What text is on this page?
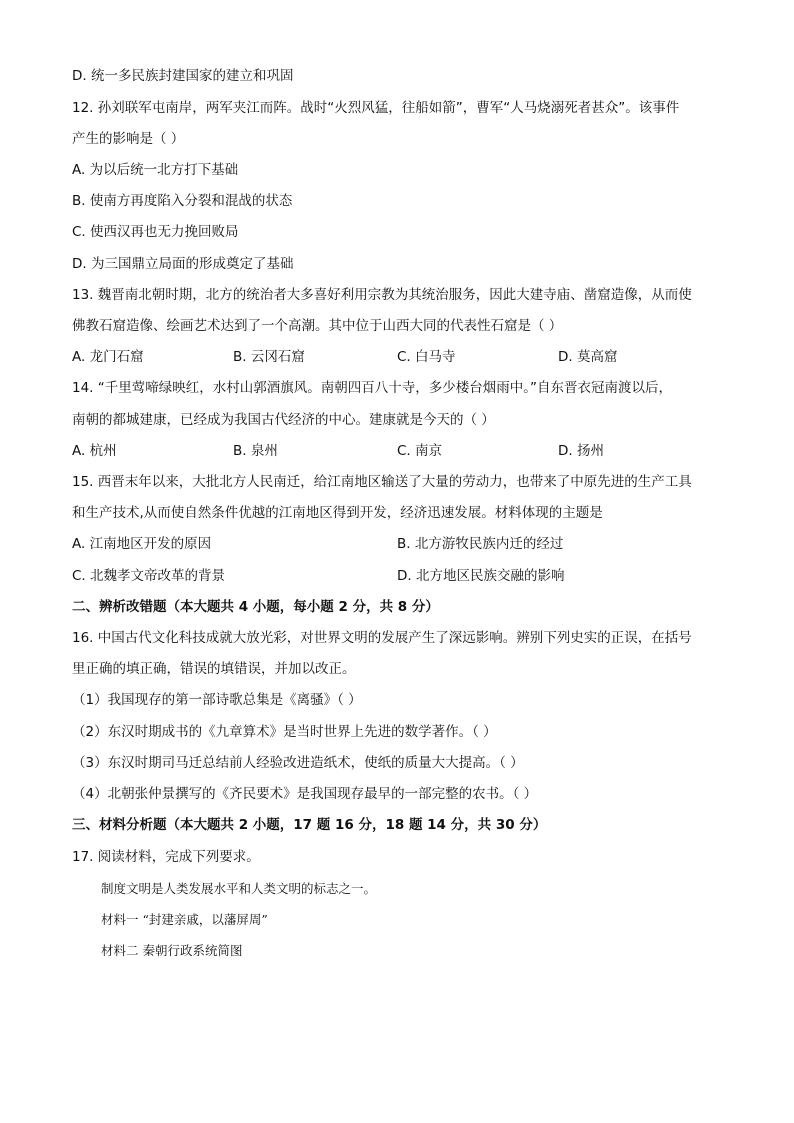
D. 统一多民族封建国家的建立和巩固
12. 孙刘联军屯南岸，两军夹江而阵。战时“火烈风猛，往船如箭”，曹军“人马烧溺死者甚众”。该事件
产生的影响是（ ）
A. 为以后统一北方打下基础
B. 使南方再度陷入分裂和混战的状态
C. 使西汉再也无力挽回败局
D. 为三国鼎立局面的形成奠定了基础
13. 魏晋南北朝时期，北方的统治者大多喜好利用宗教为其统治服务，因此大建寺庙、凿窟造像，从而使
佛教石窟造像、绘画艺术达到了一个高潮。其中位于山西大同的代表性石窟是（ ）
A. 龙门石窟	B. 云冈石窟	C. 白马寺	D. 莫高窟
14. “千里莺啼绿映红，水村山郭酒旗风。南朝四百八十寺，多少楼台烟雨中。”自东晋衣冠南渡以后，
南朝的都城建康，已经成为我国古代经济的中心。建康就是今天的（ ）
A. 杭州	B. 泉州	C. 南京	D. 扬州
15. 西晋末年以来，大批北方人民南迁，给江南地区输送了大量的劳动力，也带来了中原先进的生产工具
和生产技术,从而使自然条件优越的江南地区得到开发，经济迅速发展。材料体现的主题是
A. 江南地区开发的原因	B. 北方游牧民族内迁的经过
C. 北魏孝文帝改革的背景	D. 北方地区民族交融的影响
二、辨析改错题（本大题共 4 小题，每小题 2 分，共 8 分）
16. 中国古代文化科技成就大放光彩，对世界文明的发展产生了深远影响。辨别下列史实的正误，在括号
里正确的填正确，错误的填错误，并加以改正。
（1）我国现存的第一部诗歌总集是《离骚》（ ）
（2）东汉时期成书的《九章算术》是当时世界上先进的数学著作。（ ）
（3）东汉时期司马迁总结前人经验改进造纸术，使纸的质量大大提高。（ ）
（4）北朝张仲景撰写的《齐民要术》是我国现存最早的一部完整的农书。（ ）
三、材料分析题（本大题共 2 小题，17 题 16 分，18 题 14 分，共 30 分）
17. 阅读材料，完成下列要求。
制度文明是人类发展水平和人类文明的标志之一。
材料一 “封建亲戚，以藩屏周”
材料二 秦朝行政系统简图
